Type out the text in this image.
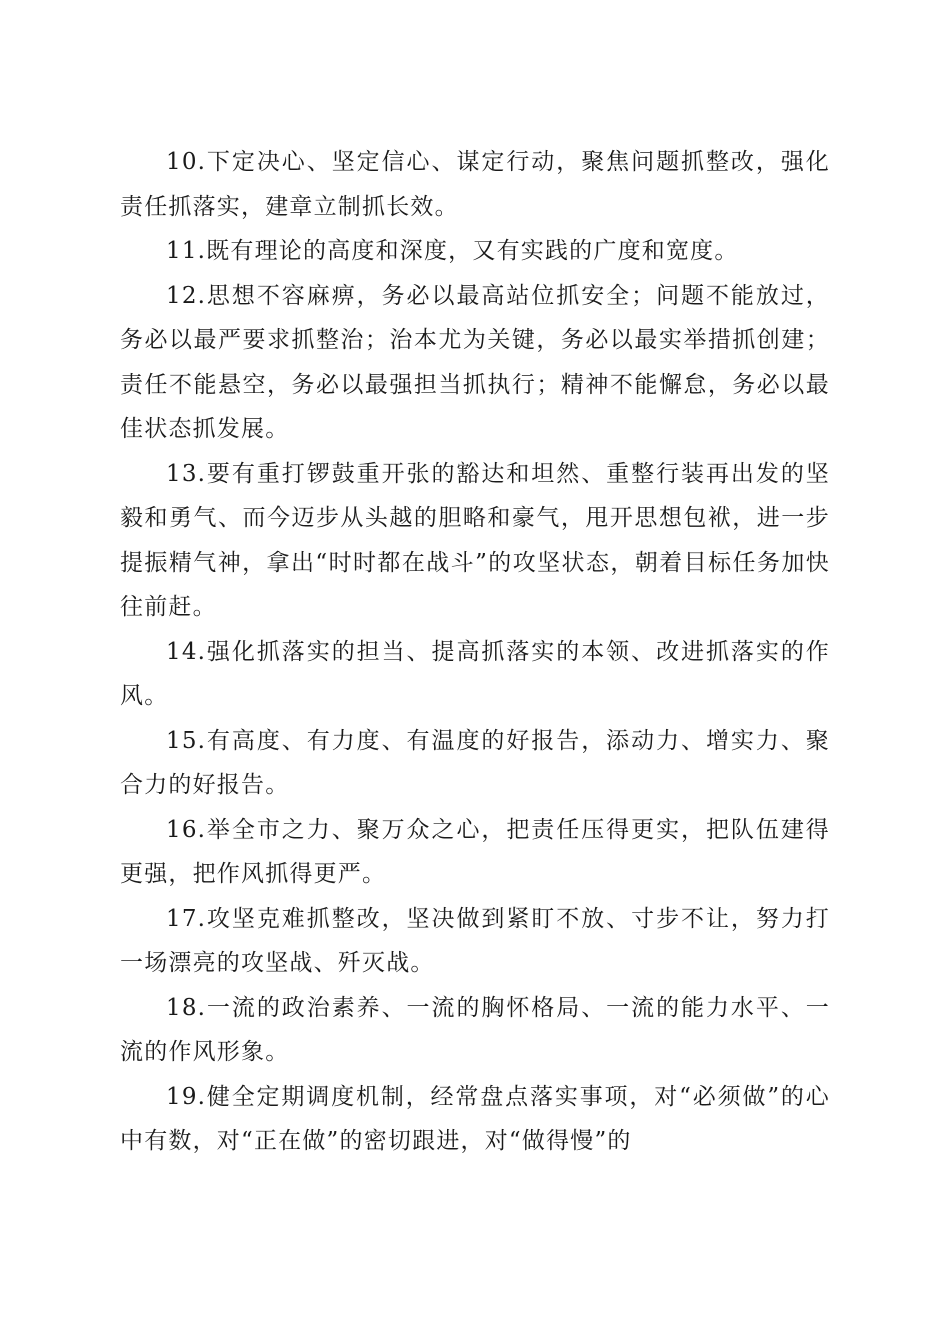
10.下定决心、坚定信心、谋定行动，聚焦问题抓整改，强化责任抓落实，建章立制抓长效。

11.既有理论的高度和深度，又有实践的广度和宽度。

12.思想不容麻痹，务必以最高站位抓安全；问题不能放过，务必以最严要求抓整治；治本尤为关键，务必以最实举措抓创建；责任不能悬空，务必以最强担当抓执行；精神不能懈怠，务必以最佳状态抓发展。

13.要有重打锣鼓重开张的豁达和坦然、重整行装再出发的坚毅和勇气、而今迈步从头越的胆略和豪气，甩开思想包袱，进一步提振精气神，拿出“时时都在战斗”的攻坚状态，朝着目标任务加快往前赶。

14.强化抓落实的担当、提高抓落实的本领、改进抓落实的作风。

15.有高度、有力度、有温度的好报告，添动力、增实力、聚合力的好报告。

16.举全市之力、聚万众之心，把责任压得更实，把队伍建得更强，把作风抓得更严。

17.攻坚克难抓整改，坚决做到紧盯不放、寸步不让，努力打一场漂亮的攻坚战、歼灭战。

18.一流的政治素养、一流的胸怀格局、一流的能力水平、一流的作风形象。

19.健全定期调度机制，经常盘点落实事项，对“必须做”的心中有数，对“正在做”的密切跟进，对“做得慢”的
